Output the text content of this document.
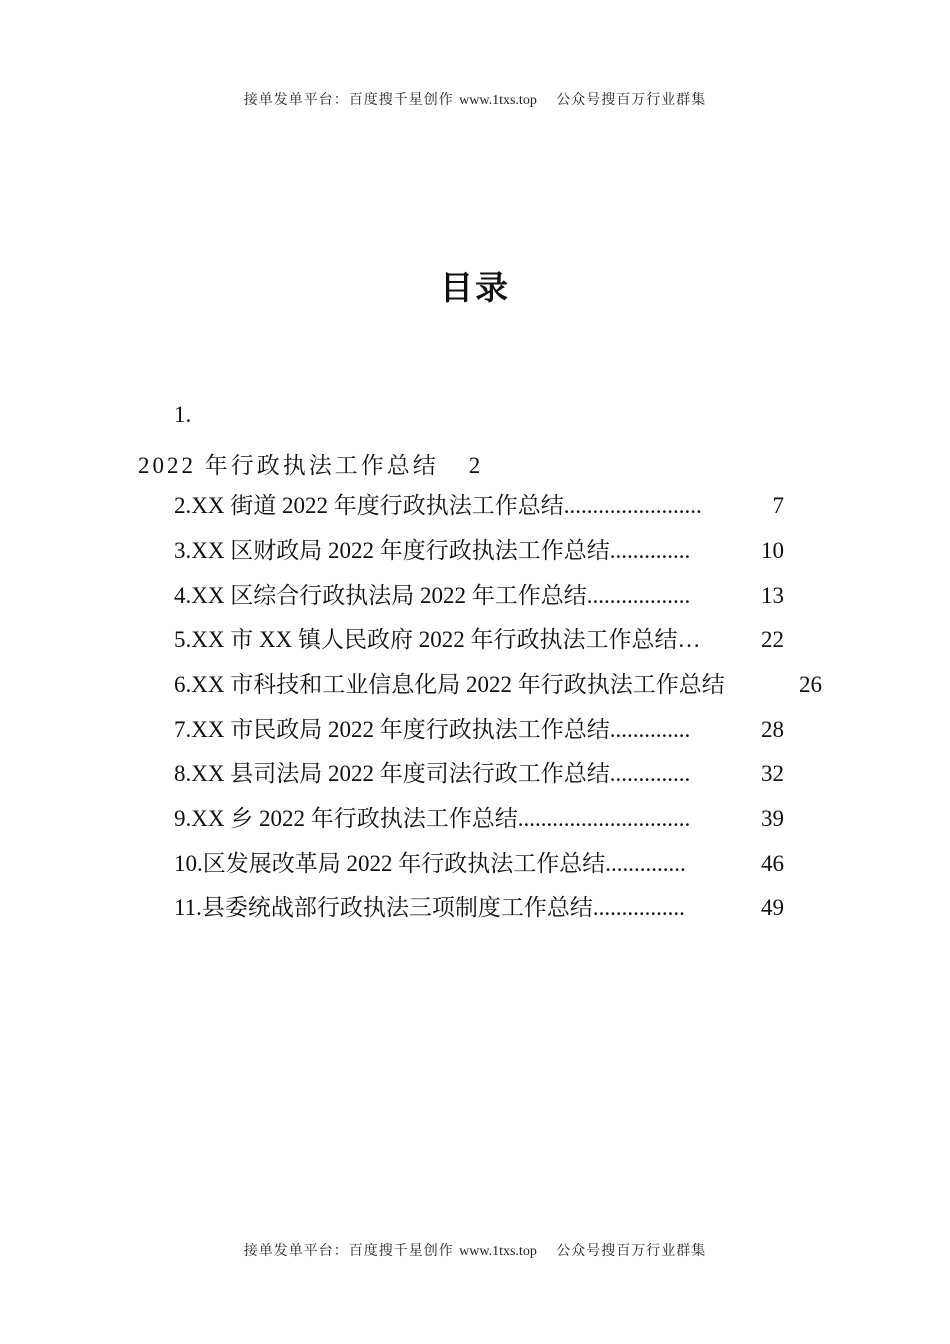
接单发单平台：百度搜千星创作 www.1txs.top 公众号搜百万行业群集
目录
1.
2022 年行政执法工作总结 2
2.XX 街道 2022 年度行政执法工作总结 ........................	7
3.XX 区财政局 2022 年度行政执法工作总结 ..............	10
4.XX 区综合行政执法局 2022 年工作总结 ..................	13
5.XX 市 XX 镇人民政府 2022 年行政执法工作总结 …	22
6.XX 市科技和工业信息化局 2022 年行政执法工作总结	26
7.XX 市民政局 2022 年度行政执法工作总结 ..............	28
8.XX 县司法局 2022 年度司法行政工作总结 ..............	32
9.XX 乡 2022 年行政执法工作总结 ..............................	39
10.区发展改革局 2022 年行政执法工作总结 ..............	46
11.县委统战部行政执法三项制度工作总结 ................	49
接单发单平台：百度搜千星创作 www.1txs.top 公众号搜百万行业群集
